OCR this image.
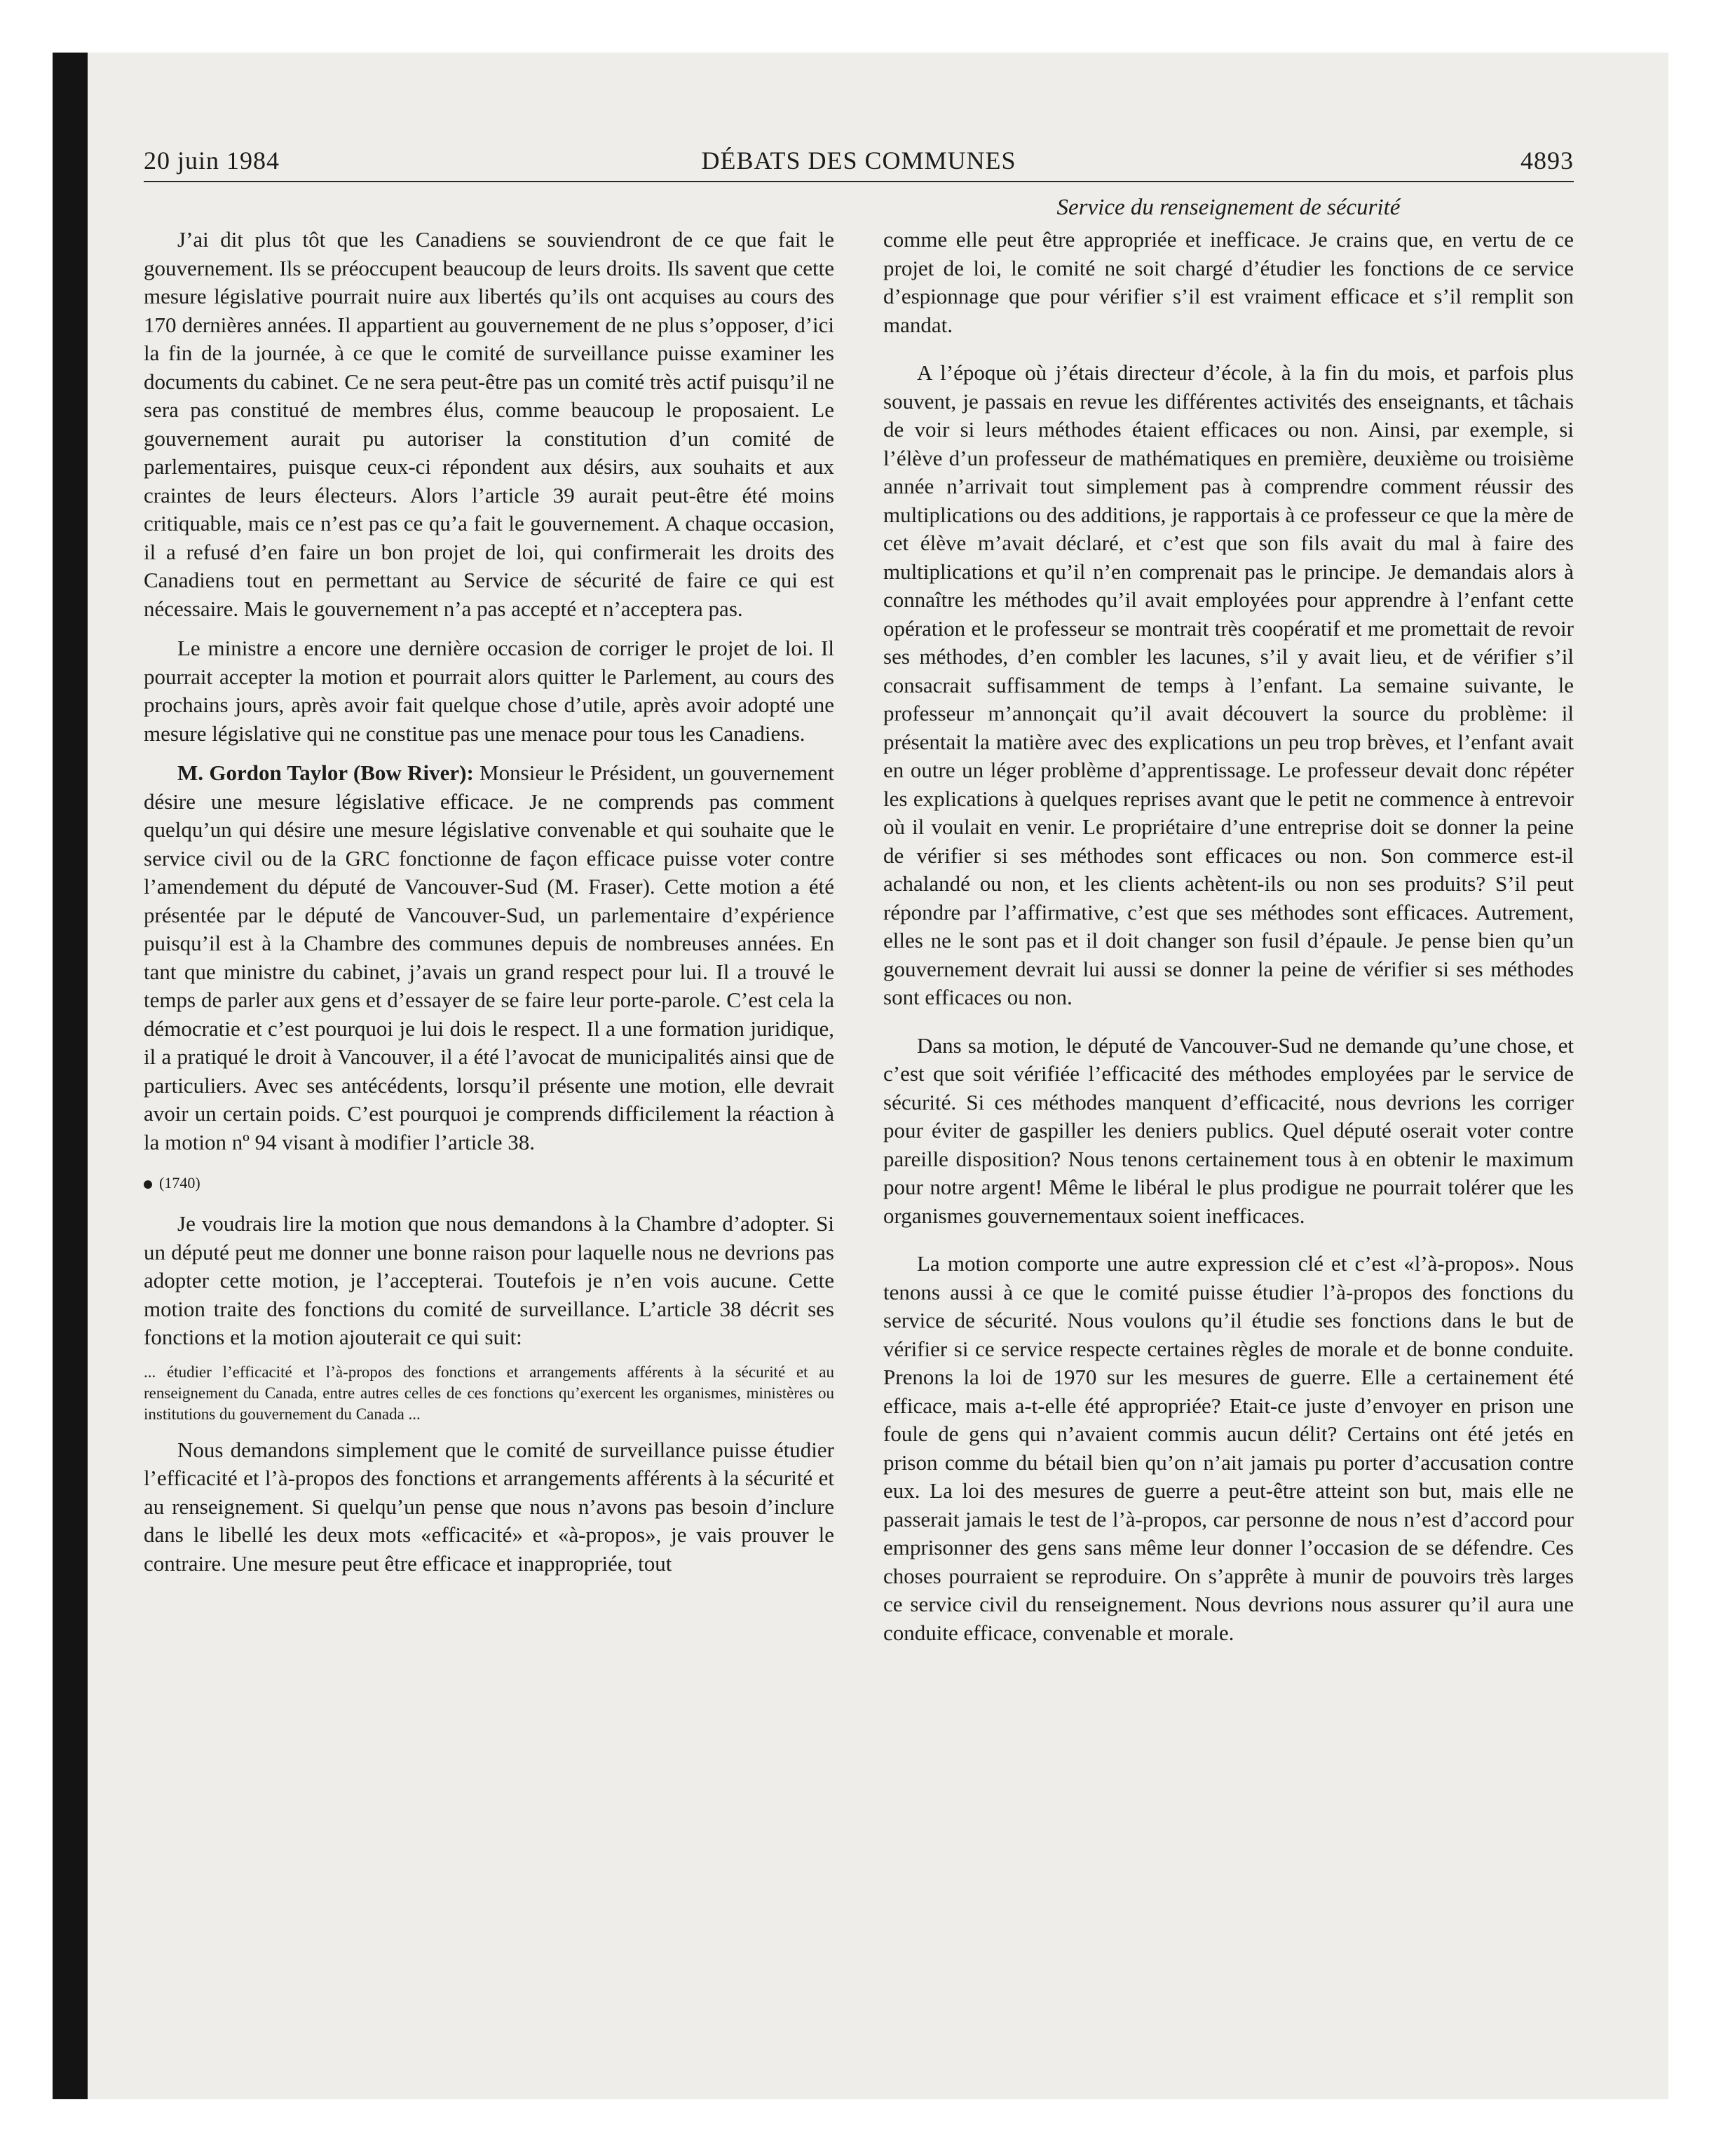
20 juin 1984	DÉBATS DES COMMUNES	4893
Service du renseignement de sécurité

J’ai dit plus tôt que les Canadiens se souviendront de ce que fait le gouvernement. Ils se préoccupent beaucoup de leurs droits. Ils savent que cette mesure législative pourrait nuire aux libertés qu’ils ont acquises au cours des 170 dernières années. Il appartient au gouvernement de ne plus s’opposer, d’ici la fin de la journée, à ce que le comité de surveillance puisse examiner les documents du cabinet. Ce ne sera peut-être pas un comité très actif puisqu’il ne sera pas constitué de membres élus, comme beaucoup le proposaient. Le gouvernement aurait pu autoriser la constitution d’un comité de parlementaires, puisque ceux-ci répondent aux désirs, aux souhaits et aux craintes de leurs électeurs. Alors l’article 39 aurait peut-être été moins critiquable, mais ce n’est pas ce qu’a fait le gouvernement. A chaque occasion, il a refusé d’en faire un bon projet de loi, qui confirmerait les droits des Canadiens tout en permettant au Service de sécurité de faire ce qui est nécessaire. Mais le gouvernement n’a pas accepté et n’acceptera pas.

Le ministre a encore une dernière occasion de corriger le projet de loi. Il pourrait accepter la motion et pourrait alors quitter le Parlement, au cours des prochains jours, après avoir fait quelque chose d’utile, après avoir adopté une mesure législative qui ne constitue pas une menace pour tous les Canadiens.

M. Gordon Taylor (Bow River): Monsieur le Président, un gouvernement désire une mesure législative efficace. Je ne comprends pas comment quelqu’un qui désire une mesure législative convenable et qui souhaite que le service civil ou de la GRC fonctionne de façon efficace puisse voter contre l’amendement du député de Vancouver-Sud (M. Fraser). Cette motion a été présentée par le député de Vancouver-Sud, un parlementaire d’expérience puisqu’il est à la Chambre des communes depuis de nombreuses années. En tant que ministre du cabinet, j’avais un grand respect pour lui. Il a trouvé le temps de parler aux gens et d’essayer de se faire leur porte-parole. C’est cela la démocratie et c’est pourquoi je lui dois le respect. Il a une formation juridique, il a pratiqué le droit à Vancouver, il a été l’avocat de municipalités ainsi que de particuliers. Avec ses antécédents, lorsqu’il présente une motion, elle devrait avoir un certain poids. C’est pourquoi je comprends difficilement la réaction à la motion nº 94 visant à modifier l’article 38.

(1740)

Je voudrais lire la motion que nous demandons à la Chambre d’adopter. Si un député peut me donner une bonne raison pour laquelle nous ne devrions pas adopter cette motion, je l’accepterai. Toutefois je n’en vois aucune. Cette motion traite des fonctions du comité de surveillance. L’article 38 décrit ses fonctions et la motion ajouterait ce qui suit:

... étudier l’efficacité et l’à-propos des fonctions et arrangements afférents à la sécurité et au renseignement du Canada, entre autres celles de ces fonctions qu’exercent les organismes, ministères ou institutions du gouvernement du Canada ...

Nous demandons simplement que le comité de surveillance puisse étudier l’efficacité et l’à-propos des fonctions et arrangements afférents à la sécurité et au renseignement. Si quelqu’un pense que nous n’avons pas besoin d’inclure dans le libellé les deux mots «efficacité» et «à-propos», je vais prouver le contraire. Une mesure peut être efficace et inappropriée, tout

comme elle peut être appropriée et inefficace. Je crains que, en vertu de ce projet de loi, le comité ne soit chargé d’étudier les fonctions de ce service d’espionnage que pour vérifier s’il est vraiment efficace et s’il remplit son mandat.

A l’époque où j’étais directeur d’école, à la fin du mois, et parfois plus souvent, je passais en revue les différentes activités des enseignants, et tâchais de voir si leurs méthodes étaient efficaces ou non. Ainsi, par exemple, si l’élève d’un professeur de mathématiques en première, deuxième ou troisième année n’arrivait tout simplement pas à comprendre comment réussir des multiplications ou des additions, je rapportais à ce professeur ce que la mère de cet élève m’avait déclaré, et c’est que son fils avait du mal à faire des multiplications et qu’il n’en comprenait pas le principe. Je demandais alors à connaître les méthodes qu’il avait employées pour apprendre à l’enfant cette opération et le professeur se montrait très coopératif et me promettait de revoir ses méthodes, d’en combler les lacunes, s’il y avait lieu, et de vérifier s’il consacrait suffisamment de temps à l’enfant. La semaine suivante, le professeur m’annonçait qu’il avait découvert la source du problème: il présentait la matière avec des explications un peu trop brèves, et l’enfant avait en outre un léger problème d’apprentissage. Le professeur devait donc répéter les explications à quelques reprises avant que le petit ne commence à entrevoir où il voulait en venir. Le propriétaire d’une entreprise doit se donner la peine de vérifier si ses méthodes sont efficaces ou non. Son commerce est-il achalandé ou non, et les clients achètent-ils ou non ses produits? S’il peut répondre par l’affirmative, c’est que ses méthodes sont efficaces. Autrement, elles ne le sont pas et il doit changer son fusil d’épaule. Je pense bien qu’un gouvernement devrait lui aussi se donner la peine de vérifier si ses méthodes sont efficaces ou non.

Dans sa motion, le député de Vancouver-Sud ne demande qu’une chose, et c’est que soit vérifiée l’efficacité des méthodes employées par le service de sécurité. Si ces méthodes manquent d’efficacité, nous devrions les corriger pour éviter de gaspiller les deniers publics. Quel député oserait voter contre pareille disposition? Nous tenons certainement tous à en obtenir le maximum pour notre argent! Même le libéral le plus prodigue ne pourrait tolérer que les organismes gouvernementaux soient inefficaces.

La motion comporte une autre expression clé et c’est «l’à-propos». Nous tenons aussi à ce que le comité puisse étudier l’à-propos des fonctions du service de sécurité. Nous voulons qu’il étudie ses fonctions dans le but de vérifier si ce service respecte certaines règles de morale et de bonne conduite. Prenons la loi de 1970 sur les mesures de guerre. Elle a certainement été efficace, mais a-t-elle été appropriée? Etait-ce juste d’envoyer en prison une foule de gens qui n’avaient commis aucun délit? Certains ont été jetés en prison comme du bétail bien qu’on n’ait jamais pu porter d’accusation contre eux. La loi des mesures de guerre a peut-être atteint son but, mais elle ne passerait jamais le test de l’à-propos, car personne de nous n’est d’accord pour emprisonner des gens sans même leur donner l’occasion de se défendre. Ces choses pourraient se reproduire. On s’apprête à munir de pouvoirs très larges ce service civil du renseignement. Nous devrions nous assurer qu’il aura une conduite efficace, convenable et morale.
